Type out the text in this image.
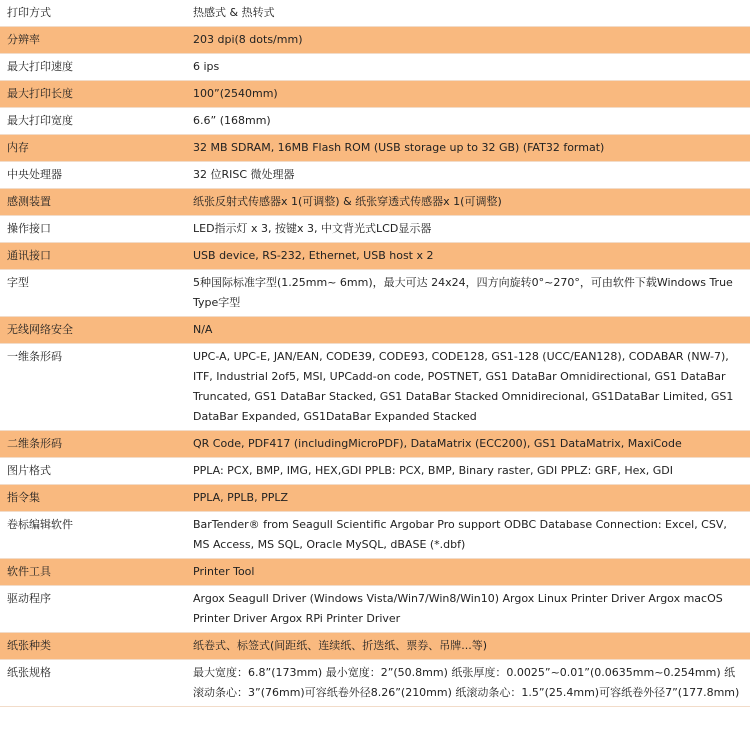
打印方式	热感式 & 热转式
分辨率	203 dpi(8 dots/mm)
最大打印速度	6 ips
最大打印长度	100”(2540mm)
最大打印宽度	6.6” (168mm)
内存	32 MB SDRAM, 16MB Flash ROM (USB storage up to 32 GB) (FAT32 format)
中央处理器	32 位RISC 微处理器
感测装置	纸张反射式传感器x 1(可调整) & 纸张穿透式传感器x 1(可调整)
操作接口	LED指示灯 x 3, 按键x 3, 中文背光式LCD显示器
通讯接口	USB device, RS-232, Ethernet, USB host x 2
字型	5种国际标准字型(1.25mm~ 6mm)，最大可达 24x24，四方向旋转0°~270°，可由软件下载Windows True Type字型
无线网络安全	N/A
一维条形码	UPC-A, UPC-E, JAN/EAN, CODE39, CODE93, CODE128, GS1-128 (UCC/EAN128), CODABAR (NW-7), ITF, Industrial 2of5, MSI, UPCadd-on code, POSTNET, GS1 DataBar Omnidirectional, GS1 DataBar Truncated, GS1 DataBar Stacked, GS1 DataBar Stacked Omnidirecional, GS1DataBar Limited, GS1 DataBar Expanded, GS1DataBar Expanded Stacked
二维条形码	QR Code, PDF417 (includingMicroPDF), DataMatrix (ECC200), GS1 DataMatrix, MaxiCode
图片格式	PPLA: PCX, BMP, IMG, HEX,GDI PPLB: PCX, BMP, Binary raster, GDI PPLZ: GRF, Hex, GDI
指令集	PPLA, PPLB, PPLZ
卷标编辑软件	BarTender® from Seagull Scientific Argobar Pro support ODBC Database Connection: Excel, CSV, MS Access, MS SQL, Oracle MySQL, dBASE (*.dbf)
软件工具	Printer Tool
驱动程序	Argox Seagull Driver (Windows Vista/Win7/Win8/Win10) Argox Linux Printer Driver Argox macOS Printer Driver Argox RPi Printer Driver
纸张种类	纸卷式、标签式(间距纸、连续纸、折迭纸、票券、吊牌...等)
纸张规格	最大宽度：6.8”(173mm) 最小宽度：2”(50.8mm) 纸张厚度：0.0025”~0.01”(0.0635mm~0.254mm) 纸滚动条心：3”(76mm)可容纸卷外径8.26”(210mm) 纸滚动条心：1.5”(25.4mm)可容纸卷外径7”(177.8mm)
